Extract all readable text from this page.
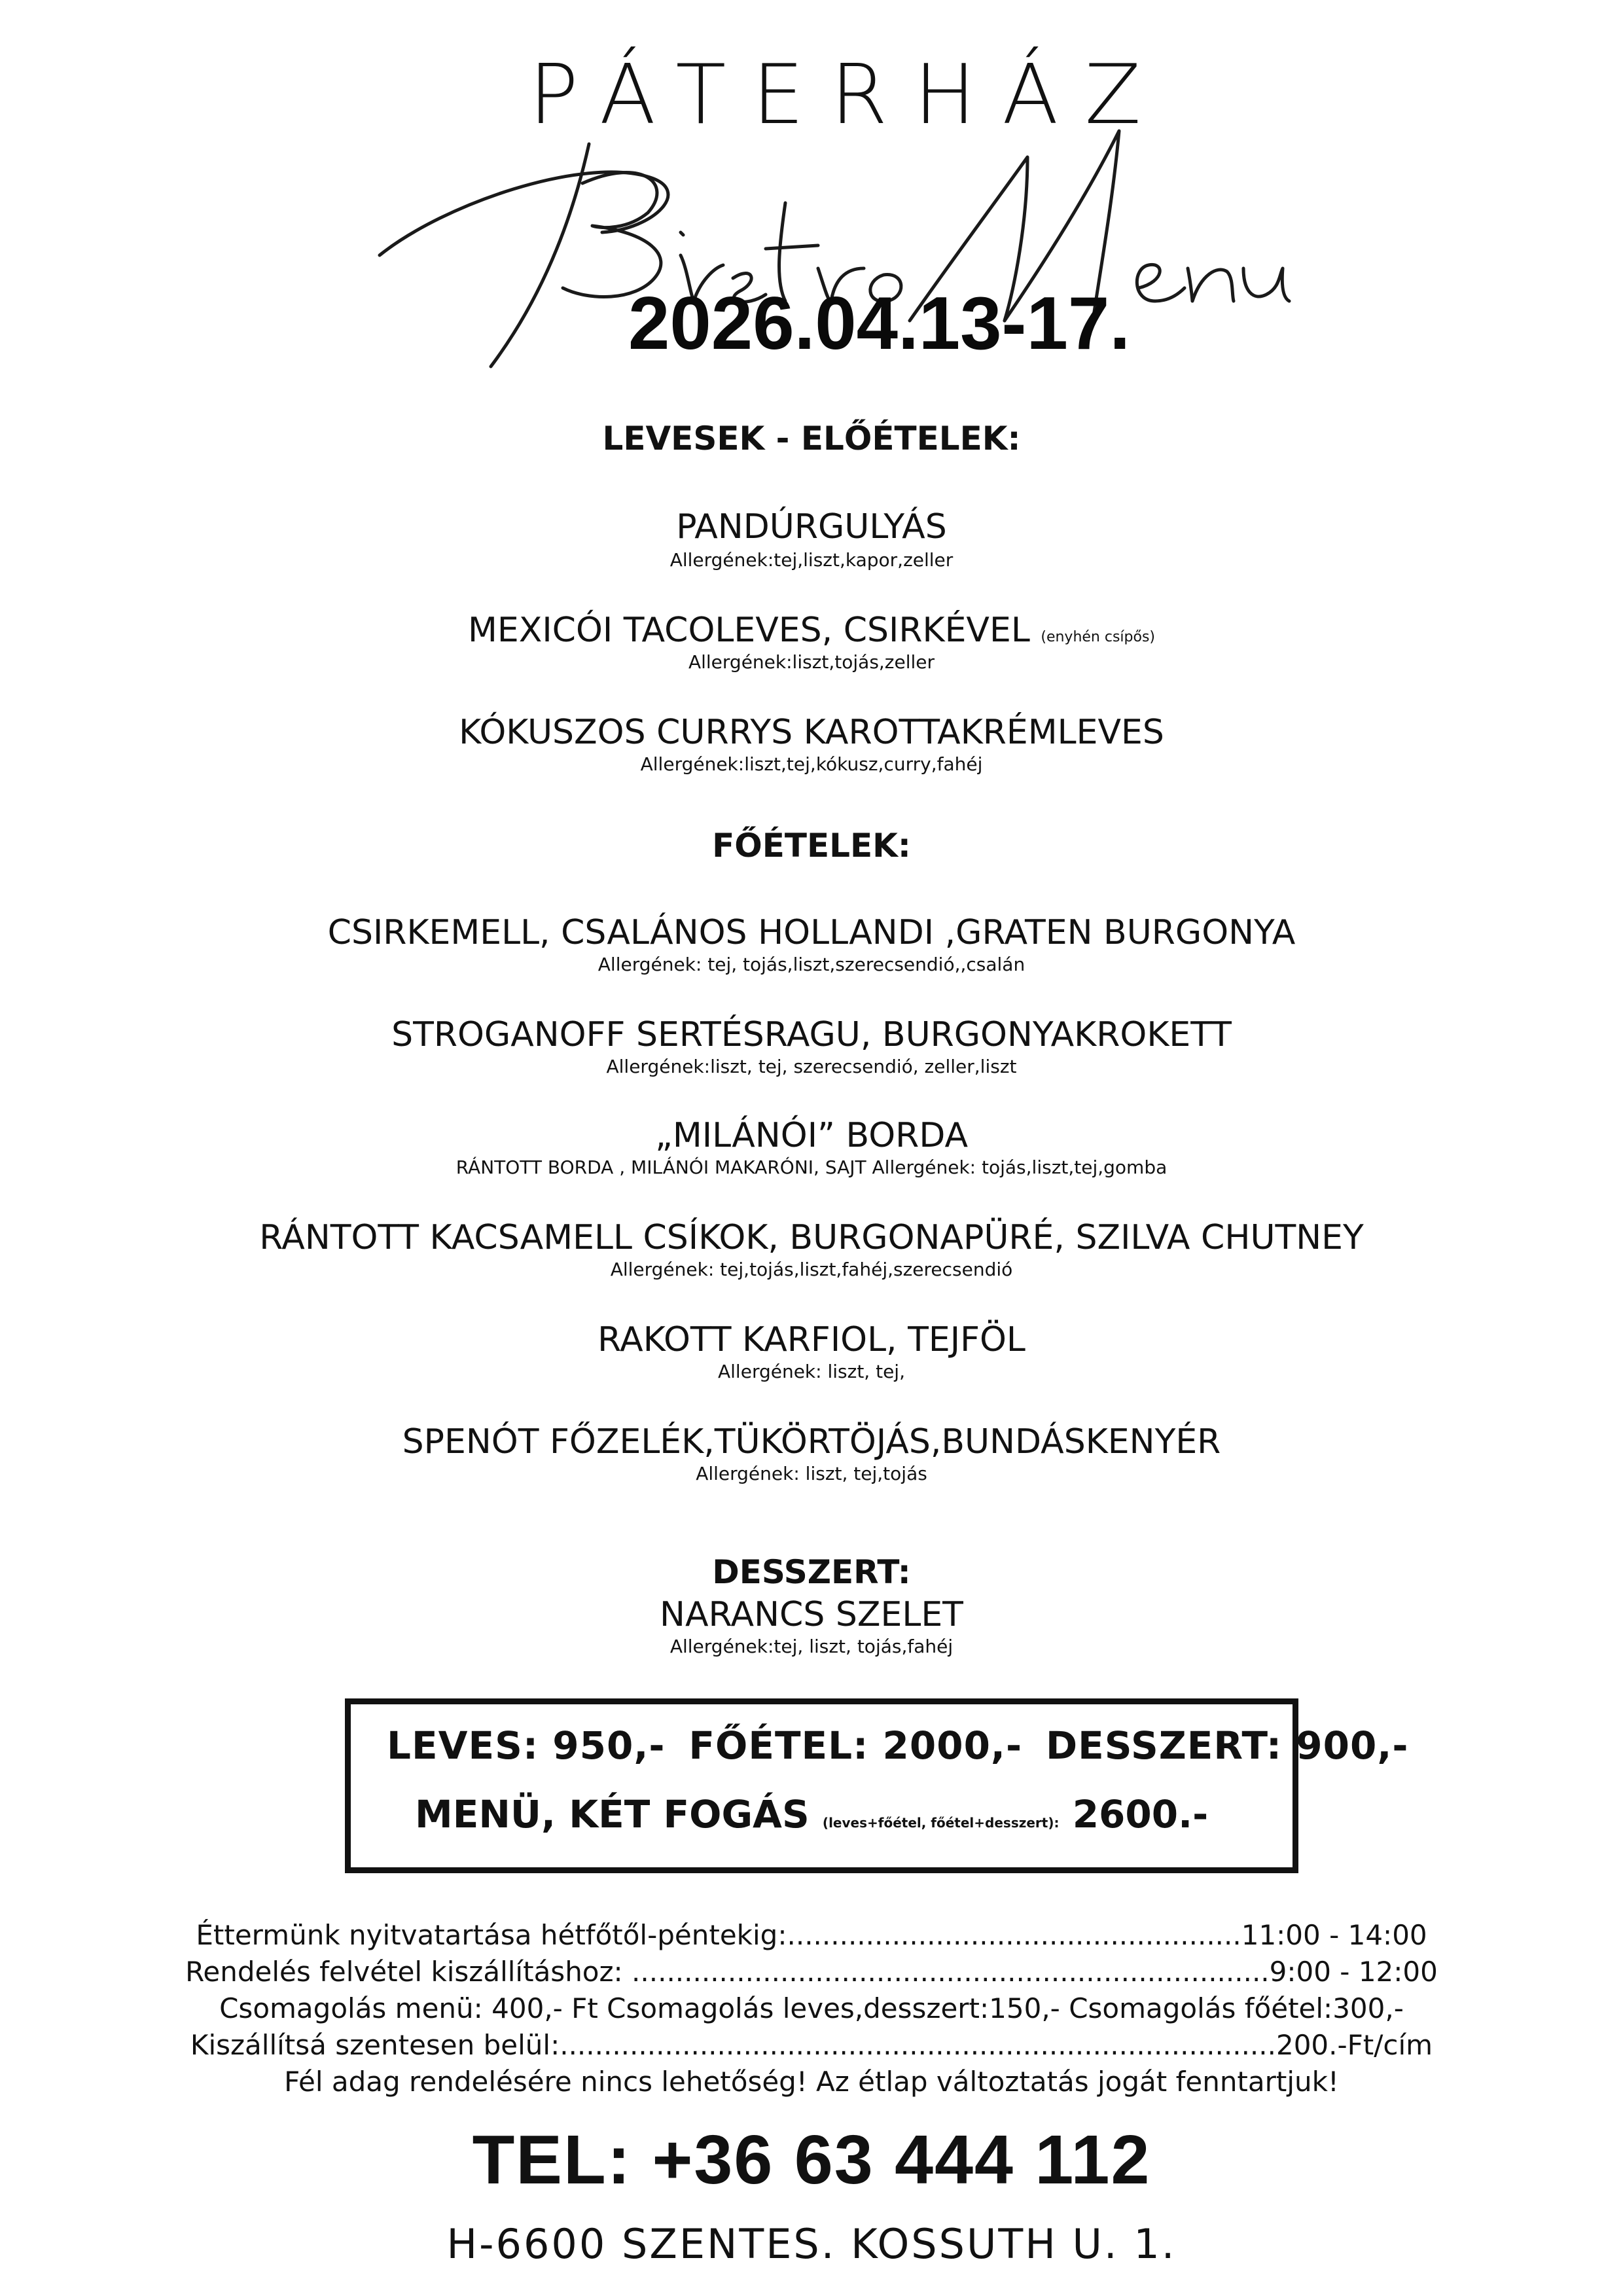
PÁTERHÁZ
2026.04.13-17.
LEVESEK - ELŐÉTELEK:
PANDÚRGULYÁS
Allergének:tej,liszt,kapor,zeller
MEXICÓI TACOLEVES, CSIRKÉVEL (enyhén csípős)
Allergének:liszt,tojás,zeller
KÓKUSZOS CURRYS KAROTTAKRÉMLEVES
Allergének:liszt,tej,kókusz,curry,fahéj
FŐÉTELEK:
CSIRKEMELL, CSALÁNOS HOLLANDI ,GRATEN BURGONYA
Allergének: tej, tojás,liszt,szerecsendió,,csalán
STROGANOFF SERTÉSRAGU, BURGONYAKROKETT
Allergének:liszt, tej, szerecsendió, zeller,liszt
„MILÁNÓI” BORDA
RÁNTOTT BORDA , MILÁNÓI MAKARÓNI, SAJT Allergének: tojás,liszt,tej,gomba
RÁNTOTT KACSAMELL CSÍKOK, BURGONAPÜRÉ, SZILVA CHUTNEY
Allergének: tej,tojás,liszt,fahéj,szerecsendió
RAKOTT KARFIOL, TEJFÖL
Allergének: liszt, tej,
SPENÓT FŐZELÉK,TÜKÖRTÖJÁS,BUNDÁSKENYÉR
Allergének: liszt, tej,tojás
DESSZERT:
NARANCS SZELET
Allergének:tej, liszt, tojás,fahéj
LEVES: 950,- FŐÉTEL: 2000,- DESSZERT: 900,-
MENÜ, KÉT FOGÁS (leves+főétel, főétel+desszert): 2600.-
Éttermünk nyitvatartása hétfőtől-péntekig:....................................................11:00 - 14:00
Rendelés felvétel kiszállításhoz: .........................................................................9:00 - 12:00
Csomagolás menü: 400,- Ft Csomagolás leves,desszert:150,- Csomagolás főétel:300,-
Kiszállítsá szentesen belül:..................................................................................200.-Ft/cím
Fél adag rendelésére nincs lehetőség! Az étlap változtatás jogát fenntartjuk!
TEL: +36 63 444 112
H-6600 SZENTES. KOSSUTH U. 1.
